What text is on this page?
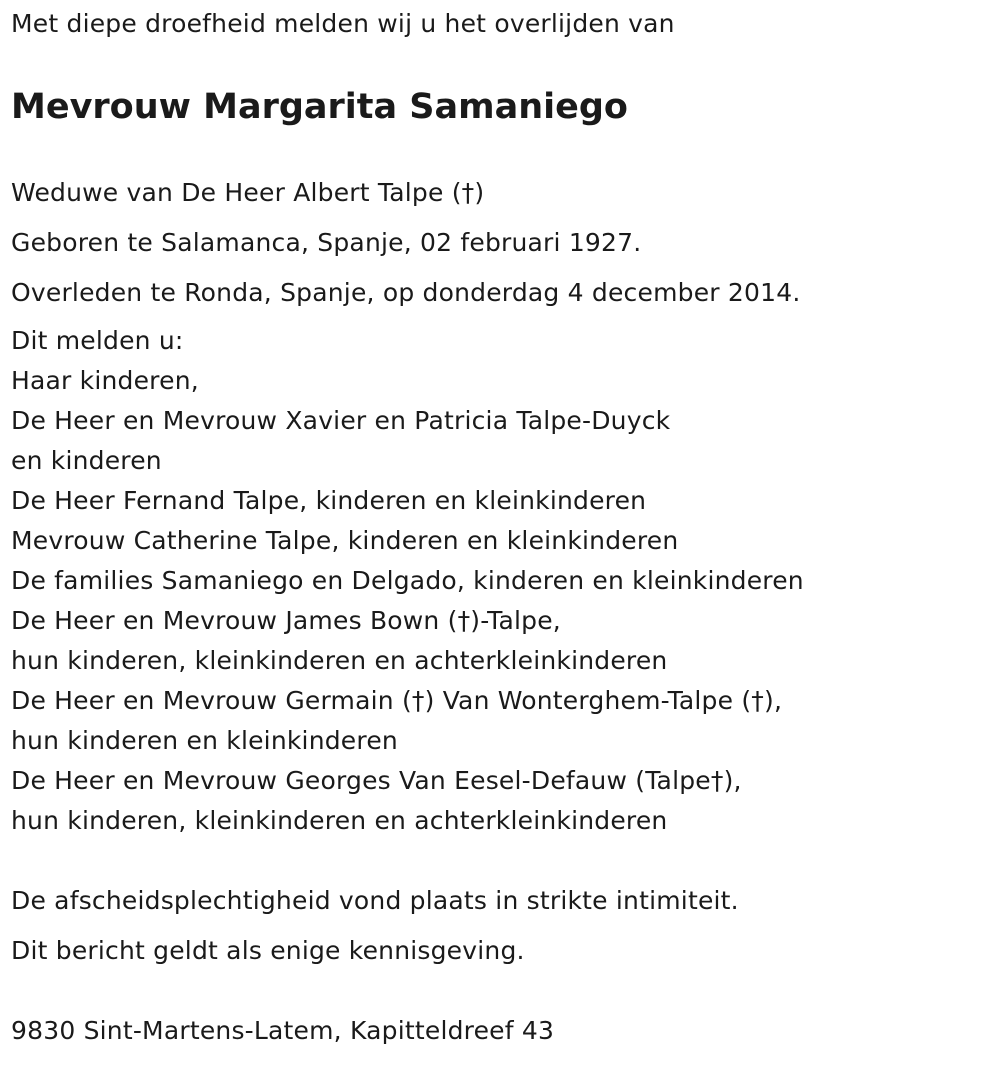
Met diepe droefheid melden wij u het overlijden van
Mevrouw Margarita Samaniego
Weduwe van De Heer Albert Talpe (†)
Geboren te Salamanca, Spanje, 02 februari 1927.
Overleden te Ronda, Spanje, op donderdag 4 december 2014.
Dit melden u:
Haar kinderen,
De Heer en Mevrouw Xavier en Patricia Talpe-Duyck
en kinderen
De Heer Fernand Talpe, kinderen en kleinkinderen
Mevrouw Catherine Talpe, kinderen en kleinkinderen
De families Samaniego en Delgado, kinderen en kleinkinderen
De Heer en Mevrouw James Bown (†)-Talpe,
hun kinderen, kleinkinderen en achterkleinkinderen
De Heer en Mevrouw Germain (†) Van Wonterghem-Talpe (†),
hun kinderen en kleinkinderen
De Heer en Mevrouw Georges Van Eesel-Defauw (Talpe†),
hun kinderen, kleinkinderen en achterkleinkinderen
De afscheidsplechtigheid vond plaats in strikte intimiteit.
Dit bericht geldt als enige kennisgeving.
9830 Sint-Martens-Latem, Kapitteldreef 43
